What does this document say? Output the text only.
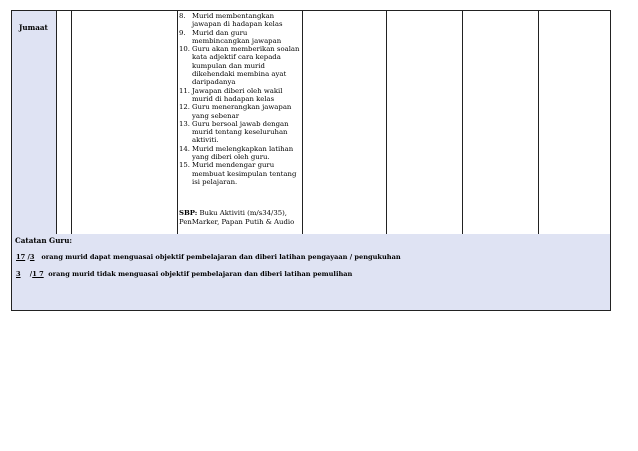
Jumaat
8. Murid membentangkan jawapan di hadapan kelas
9. Murid dan guru membincangkan jawapan
10. Guru akan memberikan soalan kata adjektif cara kepada kumpulan dan murid dikehendaki membina ayat daripadanya
11. Jawapan diberi oleh wakil murid di hadapan kelas
12. Guru menerangkan jawapan yang sebenar
13. Guru bersoal jawab dengan murid tentang keseluruhan aktiviti.
14. Murid melengkapkan latihan yang diberi oleh guru.
15. Murid mendengar guru membuat kesimpulan tentang isi pelajaran.
SBP: Buku Aktiviti (m/s34/35), PenMarker, Papan Putih & Audio
Catatan Guru:
17 /3 orang murid dapat menguasai objektif pembelajaran dan diberi latihan pengayaan / pengukuhan
3 /1 7 orang murid tidak menguasai objektif pembelajaran dan diberi latihan pemulihan
